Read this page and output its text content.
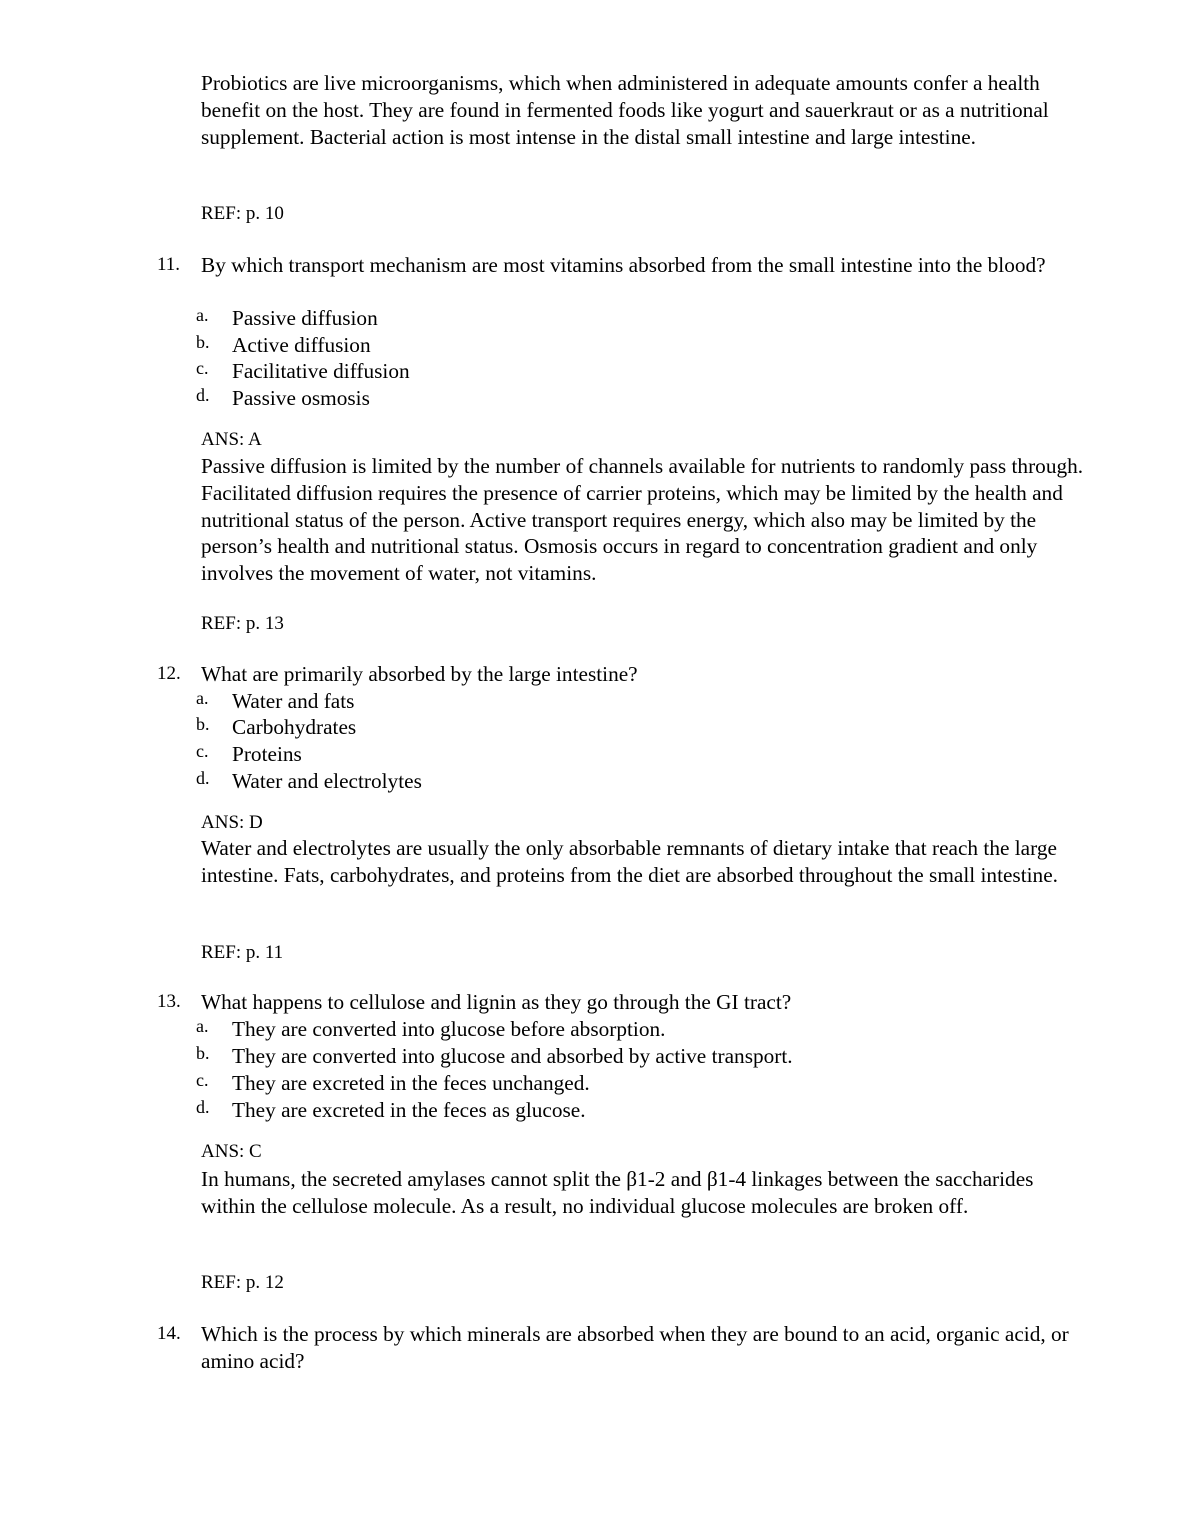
Probiotics are live microorganisms, which when administered in adequate amounts confer a health benefit on the host. They are found in fermented foods like yogurt and sauerkraut or as a nutritional supplement. Bacterial action is most intense in the distal small intestine and large intestine.
REF: p. 10
11. By which transport mechanism are most vitamins absorbed from the small intestine into the blood?
a. Passive diffusion
b. Active diffusion
c. Facilitative diffusion
d. Passive osmosis
ANS: A
Passive diffusion is limited by the number of channels available for nutrients to randomly pass through. Facilitated diffusion requires the presence of carrier proteins, which may be limited by the health and nutritional status of the person. Active transport requires energy, which also may be limited by the person’s health and nutritional status. Osmosis occurs in regard to concentration gradient and only involves the movement of water, not vitamins.
REF: p. 13
12. What are primarily absorbed by the large intestine?
a. Water and fats
b. Carbohydrates
c. Proteins
d. Water and electrolytes
ANS: D
Water and electrolytes are usually the only absorbable remnants of dietary intake that reach the large intestine. Fats, carbohydrates, and proteins from the diet are absorbed throughout the small intestine.
REF: p. 11
13. What happens to cellulose and lignin as they go through the GI tract?
a. They are converted into glucose before absorption.
b. They are converted into glucose and absorbed by active transport.
c. They are excreted in the feces unchanged.
d. They are excreted in the feces as glucose.
ANS: C
In humans, the secreted amylases cannot split the β1-2 and β1-4 linkages between the saccharides within the cellulose molecule. As a result, no individual glucose molecules are broken off.
REF: p. 12
14. Which is the process by which minerals are absorbed when they are bound to an acid, organic acid, or amino acid?
